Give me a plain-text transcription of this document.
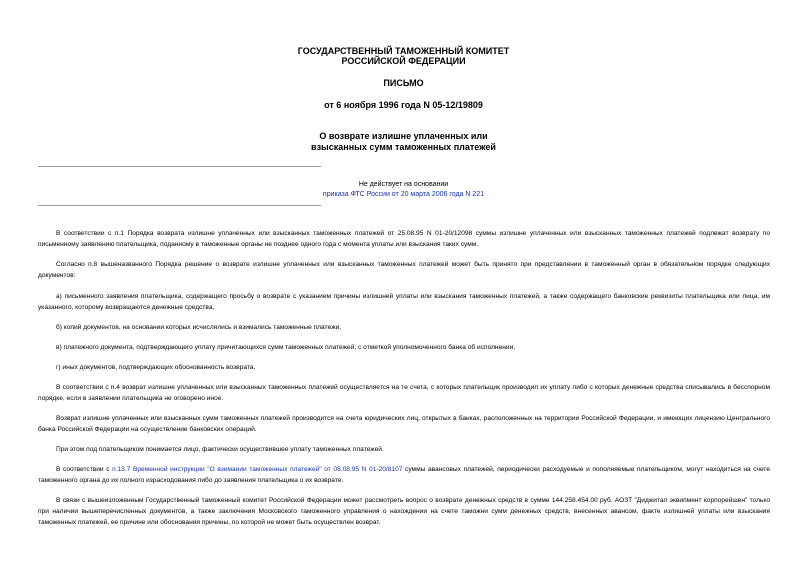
ГОСУДАРСТВЕННЫЙ ТАМОЖЕННЫЙ КОМИТЕТ
РОССИЙСКОЙ ФЕДЕРАЦИИ
ПИСЬМО
от 6 ноября 1996 года N 05-12/19809
О возврате излишне уплаченных или
взысканных сумм таможенных платежей
Не действует на основании
приказа ФТС России от 20 марта 2006 года N 221
В соответствии с п.1 Порядка возврата излишне уплаченных или взысканных таможенных платежей от 25.08.95 N 01-20/12098 суммы излишне уплаченных или взысканных таможенных платежей подлежат возврату по письменному заявлению плательщика, поданному в таможенные органы не позднее одного года с момента уплаты или взыскания таких сумм.
Согласно п.8 вышеназванного Порядка решение о возврате излишне уплаченных или взысканных таможенных платежей может быть принято при представлении в таможенный орган в обязательном порядке следующих документов:
а) письменного заявления плательщика, содержащего просьбу о возврате с указанием причины излишней уплаты или взыскания таможенных платежей, а также содержащего банковские реквизиты плательщика или лица, им указанного, которому возвращаются денежные средства,
б) копий документов, на основании которых исчислялись и взимались таможенные платежи,
в) платежного документа, подтверждающего уплату причитающихся сумм таможенных платежей, с отметкой уполномоченного банка об исполнении,
г) иных документов, подтверждающих обоснованность возврата.
В соответствии с п.4 возврат излишне уплаченных или взысканных таможенных платежей осуществляется на те счета, с которых плательщик производил их уплату либо с которых денежные средства списывались в бесспорном порядке, если в заявлении плательщика не оговорено иное.
Возврат излишне уплаченных или взысканных сумм таможенных платежей производится на счета юридических лиц, открытых в банках, расположенных на территории Российской Федерации, и имеющих лицензию Центрального банка Российской Федерации на осуществление банковских операций.
При этом под плательщиком понимается лицо, фактически осуществившее уплату таможенных платежей.
В соответствии с п.13.7 Временной инструкции "О взимании таможенных платежей" от 08.08.95 N 01-20/8107 суммы авансовых платежей, периодически расходуемые и пополняемые плательщиком, могут находиться на счете таможенного органа до их полного израсходования либо до заявления плательщика о их возврате.
В связи с вышеизложенным Государственный таможенный комитет Российской Федерации может рассмотреть вопрос о возврате денежных средств в сумме 144.258.454.00 руб. АОЗТ "Диджитал эквипмент корпорейшен" только при наличии вышеперечисленных документов, а также заключения Московского таможенного управления о нахождении на счете таможни сумм денежных средств, внесенных авансом, факте излишней уплаты или взыскания таможенных платежей, ее причине или обоснования причины, по которой не может быть осуществлен возврат.
